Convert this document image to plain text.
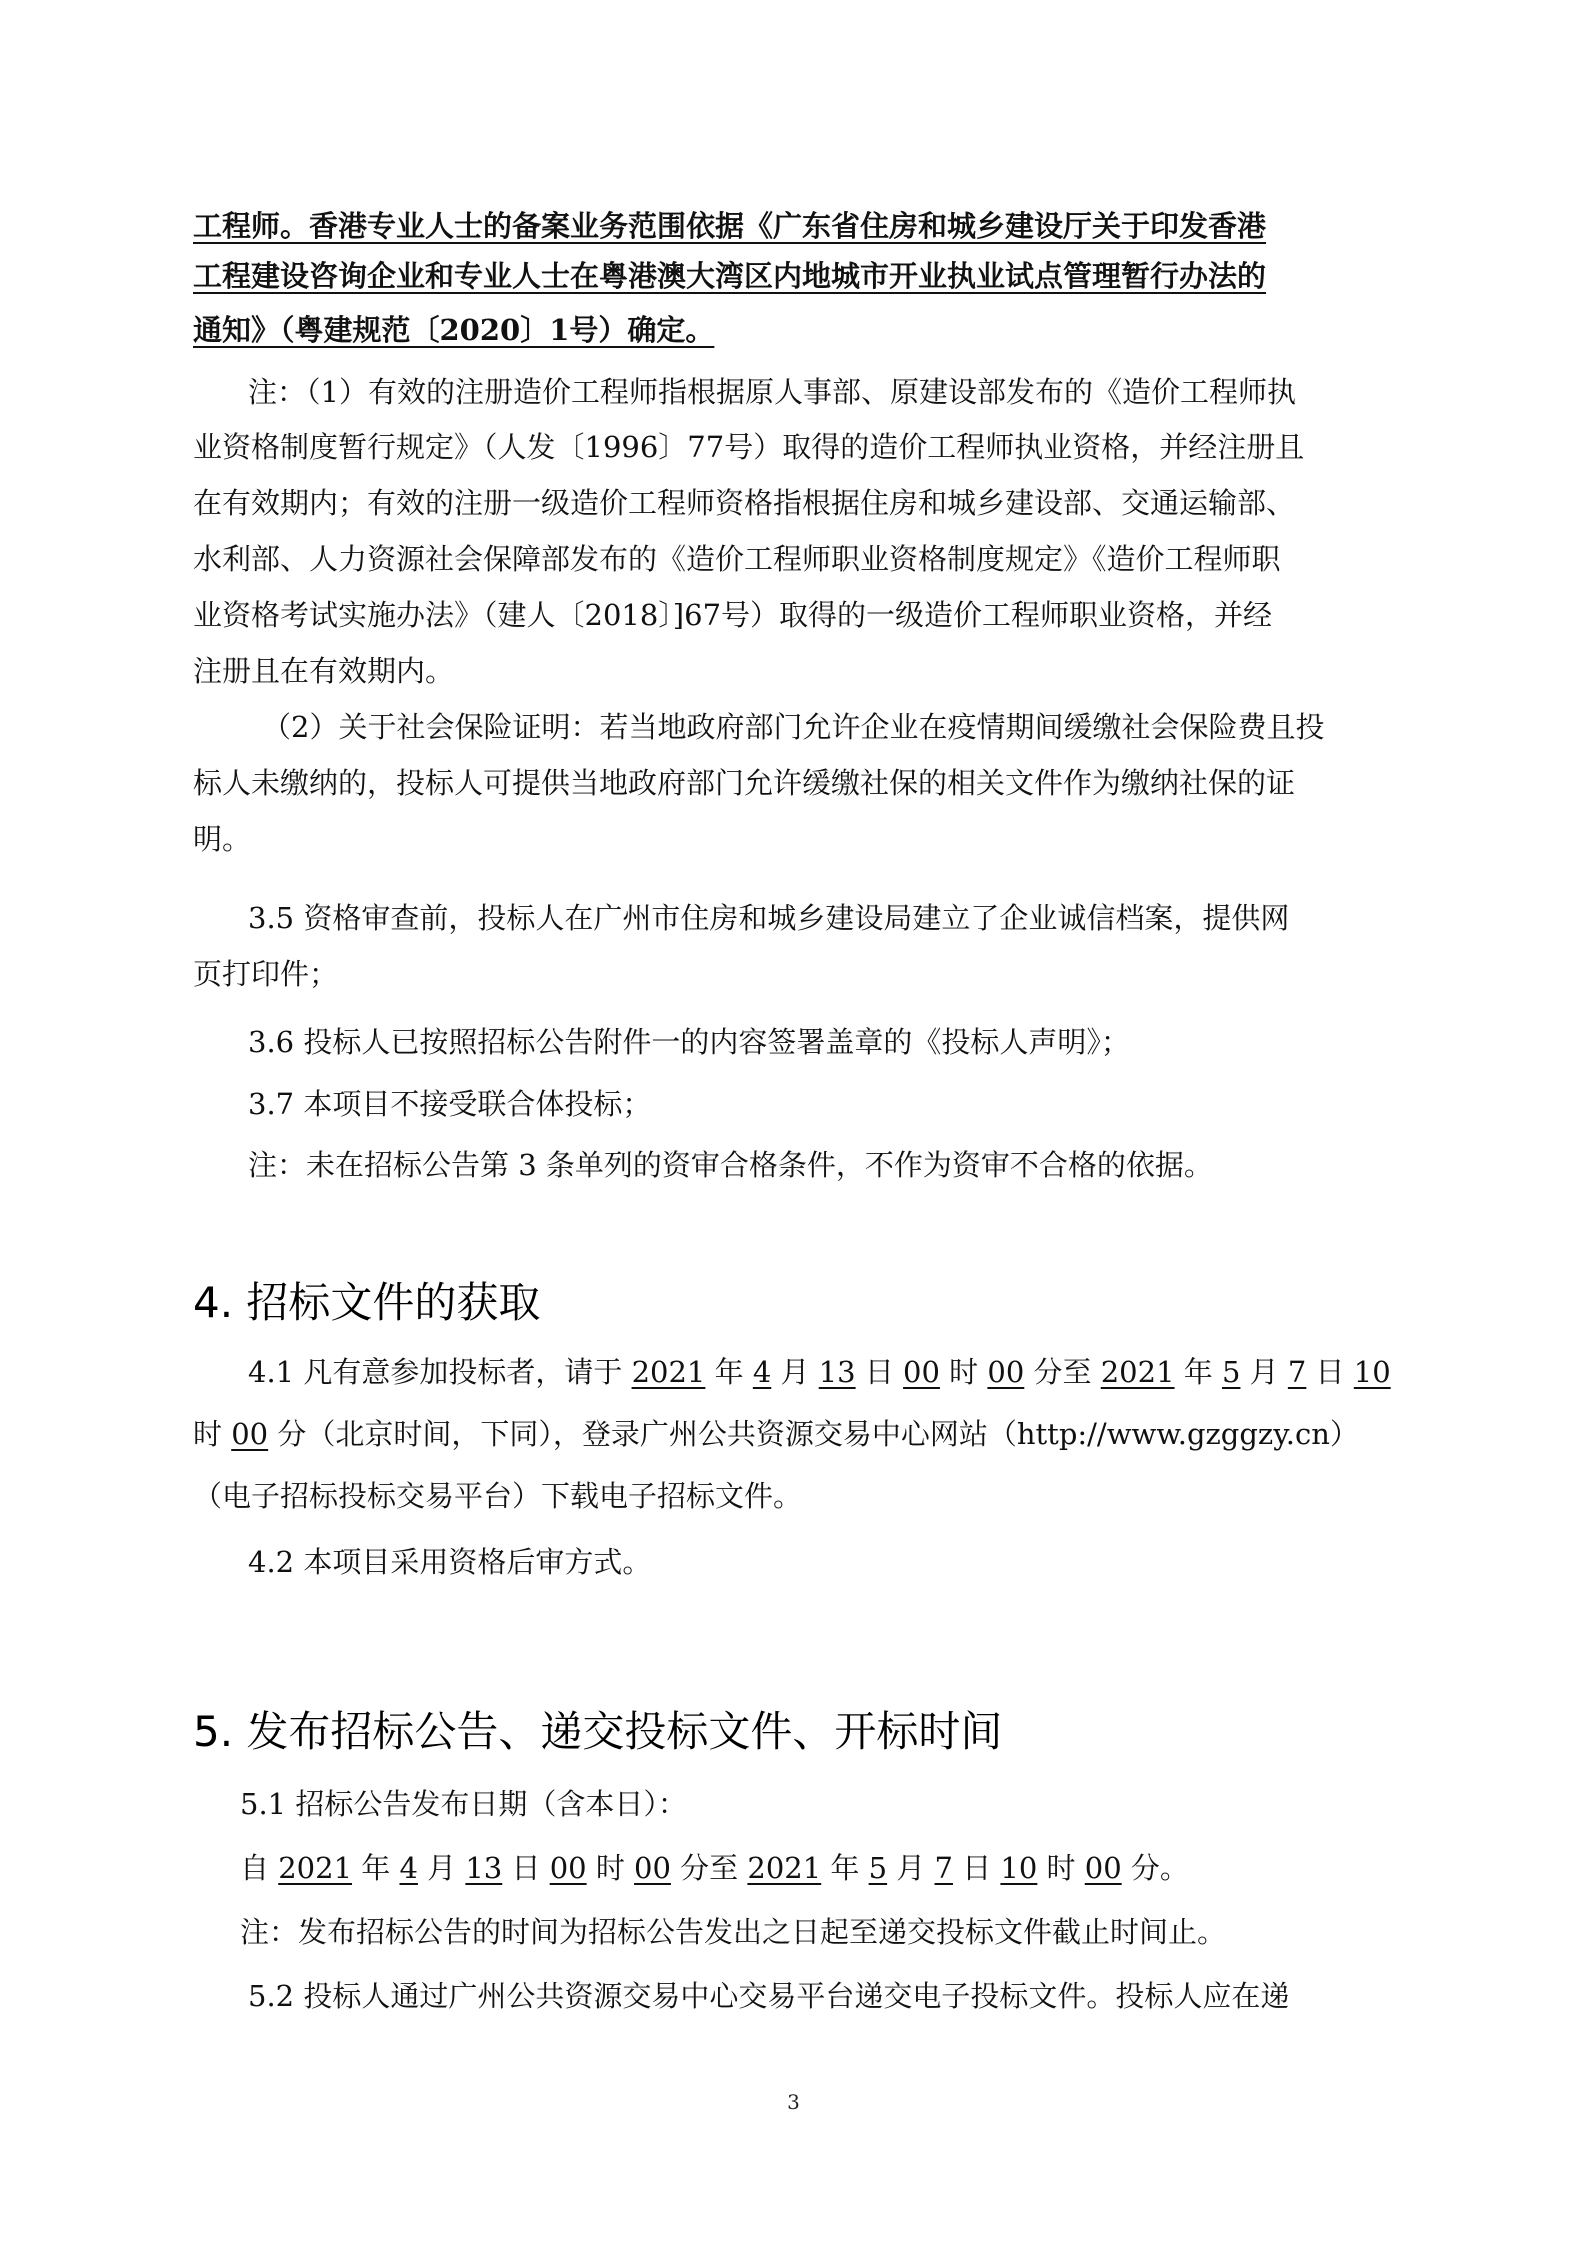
工程师。香港专业人士的备案业务范围依据《广东省住房和城乡建设厅关于印发香港
工程建设咨询企业和专业人士在粤港澳大湾区内地城市开业执业试点管理暂行办法的
通知》（粤建规范〔2020〕1号）确定。
注：（1）有效的注册造价工程师指根据原人事部、原建设部发布的《造价工程师执
业资格制度暂行规定》（人发〔1996〕77号）取得的造价工程师执业资格，并经注册且
在有效期内；有效的注册一级造价工程师资格指根据住房和城乡建设部、交通运输部、
水利部、人力资源社会保障部发布的《造价工程师职业资格制度规定》《造价工程师职
业资格考试实施办法》（建人〔2018〕]67号）取得的一级造价工程师职业资格，并经
注册且在有效期内。
（2）关于社会保险证明：若当地政府部门允许企业在疫情期间缓缴社会保险费且投
标人未缴纳的，投标人可提供当地政府部门允许缓缴社保的相关文件作为缴纳社保的证
明。
3.5 资格审查前，投标人在广州市住房和城乡建设局建立了企业诚信档案，提供网
页打印件；
3.6 投标人已按照招标公告附件一的内容签署盖章的《投标人声明》；
3.7 本项目不接受联合体投标；
注：未在招标公告第 3 条单列的资审合格条件，不作为资审不合格的依据。
4. 招标文件的获取
4.1 凡有意参加投标者，请于 2021 年 4 月 13 日 00 时 00 分至 2021 年 5 月 7 日 10
时 00 分（北京时间，下同），登录广州公共资源交易中心网站（http://www.gzggzy.cn）
（电子招标投标交易平台）下载电子招标文件。
4.2 本项目采用资格后审方式。
5. 发布招标公告、递交投标文件、开标时间
5.1 招标公告发布日期（含本日）：
自 2021 年 4 月 13 日 00 时 00 分至 2021 年 5 月 7 日 10 时 00 分。
注：发布招标公告的时间为招标公告发出之日起至递交投标文件截止时间止。
5.2 投标人通过广州公共资源交易中心交易平台递交电子投标文件。投标人应在递
3
